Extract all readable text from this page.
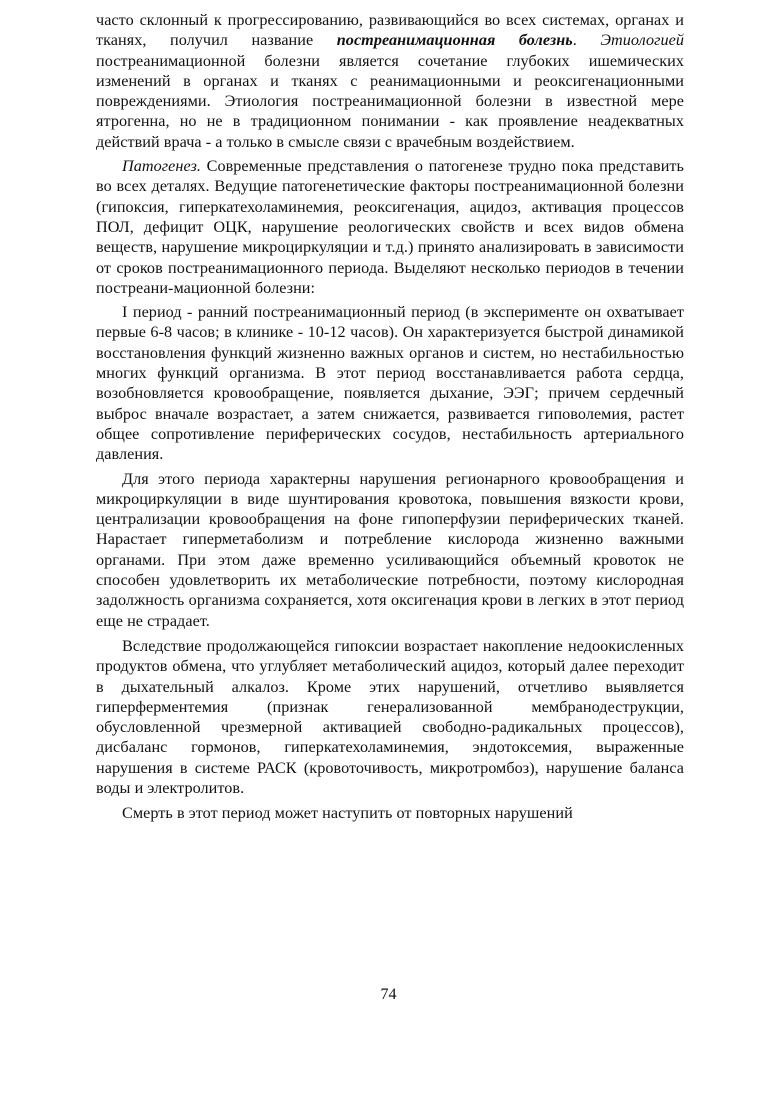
часто склонный к прогрессированию, развивающийся во всех системах, органах и тканях, получил название постреанимационная болезнь. Этиологией постреанимационной болезни является сочетание глубоких ишемических изменений в органах и тканях с реанимационными и реоксигенационными повреждениями. Этиология постреанимационной болезни в известной мере ятрогенна, но не в традиционном понимании - как проявление неадекватных действий врача - а только в смысле связи с врачебным воздействием.

Патогенез. Современные представления о патогенезе трудно пока представить во всех деталях. Ведущие патогенетические факторы постреанимационной болезни (гипоксия, гиперкатехоламинемия, реоксигенация, ацидоз, активация процессов ПОЛ, дефицит ОЦК, нарушение реологических свойств и всех видов обмена веществ, нарушение микроциркуляции и т.д.) принято анализировать в зависимости от сроков постреанимационного периода. Выделяют несколько периодов в течении постреани-мационной болезни:

I период - ранний постреанимационный период (в эксперименте он охватывает первые 6-8 часов; в клинике - 10-12 часов). Он характеризуется быстрой динамикой восстановления функций жизненно важных органов и систем, но нестабильностью многих функций организма. В этот период восстанавливается работа сердца, возобновляется кровообращение, появляется дыхание, ЭЭГ; причем сердечный выброс вначале возрастает, а затем снижается, развивается гиповолемия, растет общее сопротивление периферических сосудов, нестабильность артериального давления.

Для этого периода характерны нарушения регионарного кровообращения и микроциркуляции в виде шунтирования кровотока, повышения вязкости крови, централизации кровообращения на фоне гипоперфузии периферических тканей. Нарастает гиперметаболизм и потребление кислорода жизненно важными органами. При этом даже временно усиливающийся объемный кровоток не способен удовлетворить их метаболические потребности, поэтому кислородная задолжность организма сохраняется, хотя оксигенация крови в легких в этот период еще не страдает.

Вследствие продолжающейся гипоксии возрастает накопление недоокисленных продуктов обмена, что углубляет метаболический ацидоз, который далее переходит в дыхательный алкалоз. Кроме этих нарушений, отчетливо выявляется гиперферментемия (признак генерализованной мембранодеструкции, обусловленной чрезмерной активацией свободно-радикальных процессов), дисбаланс гормонов, гиперкатехоламинемия, эндотоксемия, выраженные нарушения в системе РАСК (кровоточивость, микротромбоз), нарушение баланса воды и электролитов.

Смерть в этот период может наступить от повторных нарушений

74
